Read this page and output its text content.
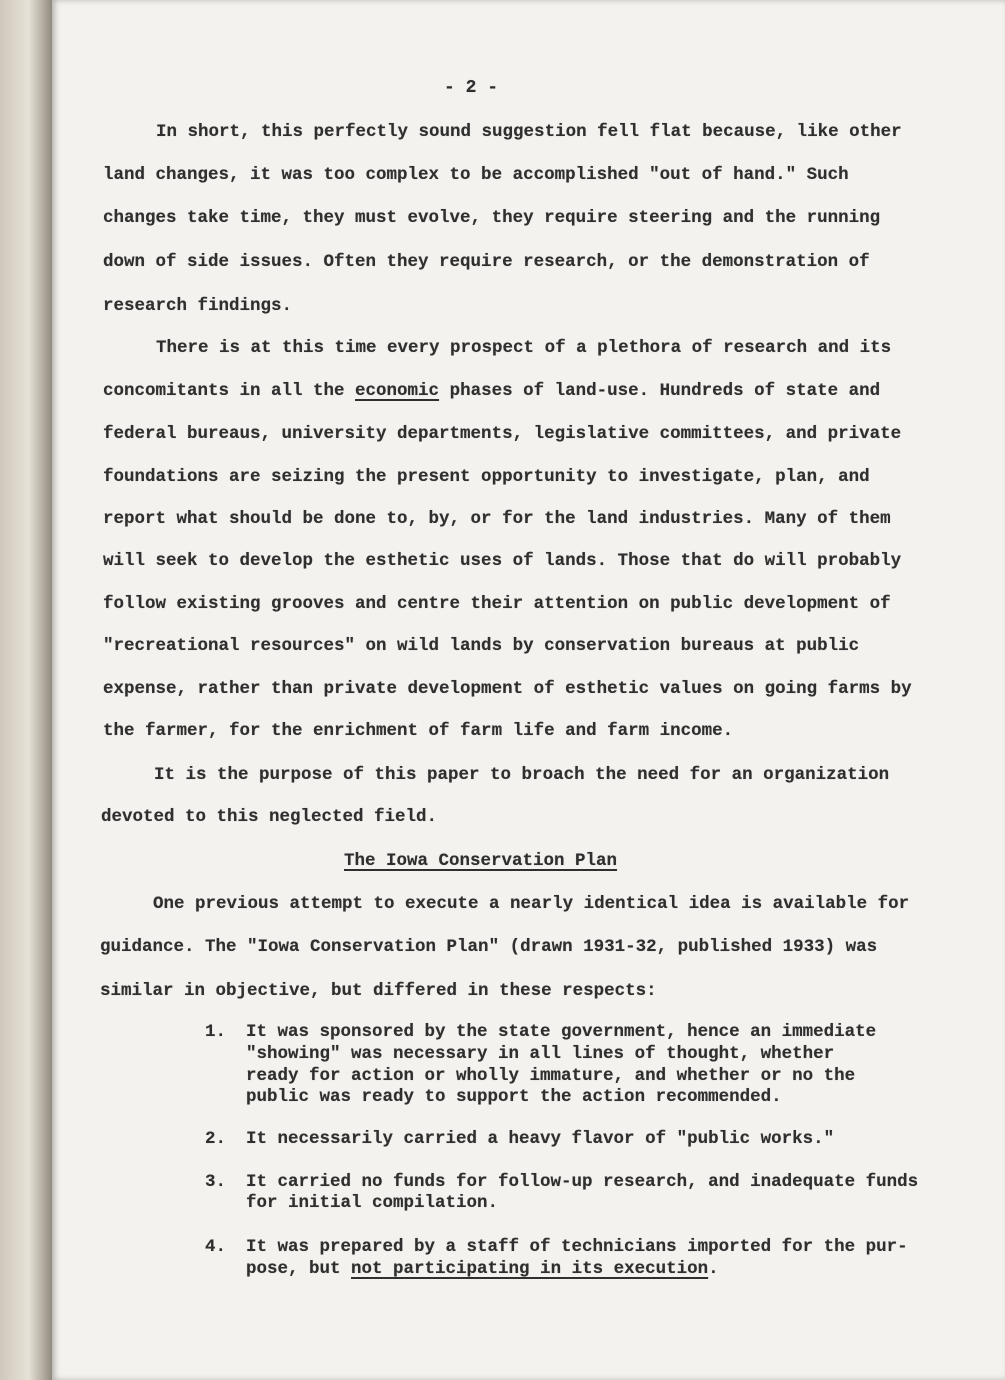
- 2 -
In short, this perfectly sound suggestion fell flat because, like other
land changes, it was too complex to be accomplished "out of hand." Such
changes take time, they must evolve, they require steering and the running
down of side issues. Often they require research, or the demonstration of
research findings.
There is at this time every prospect of a plethora of research and its
concomitants in all the economic phases of land-use. Hundreds of state and
federal bureaus, university departments, legislative committees, and private
foundations are seizing the present opportunity to investigate, plan, and
report what should be done to, by, or for the land industries. Many of them
will seek to develop the esthetic uses of lands. Those that do will probably
follow existing grooves and centre their attention on public development of
"recreational resources" on wild lands by conservation bureaus at public
expense, rather than private development of esthetic values on going farms by
the farmer, for the enrichment of farm life and farm income.
It is the purpose of this paper to broach the need for an organization
devoted to this neglected field.
The Iowa Conservation Plan
One previous attempt to execute a nearly identical idea is available for
guidance. The "Iowa Conservation Plan" (drawn 1931-32, published 1933) was
similar in objective, but differed in these respects:
1. It was sponsored by the state government, hence an immediate
"showing" was necessary in all lines of thought, whether
ready for action or wholly immature, and whether or no the
public was ready to support the action recommended.
2. It necessarily carried a heavy flavor of "public works."
3. It carried no funds for follow-up research, and inadequate funds
for initial compilation.
4. It was prepared by a staff of technicians imported for the pur-
pose, but not participating in its execution.
